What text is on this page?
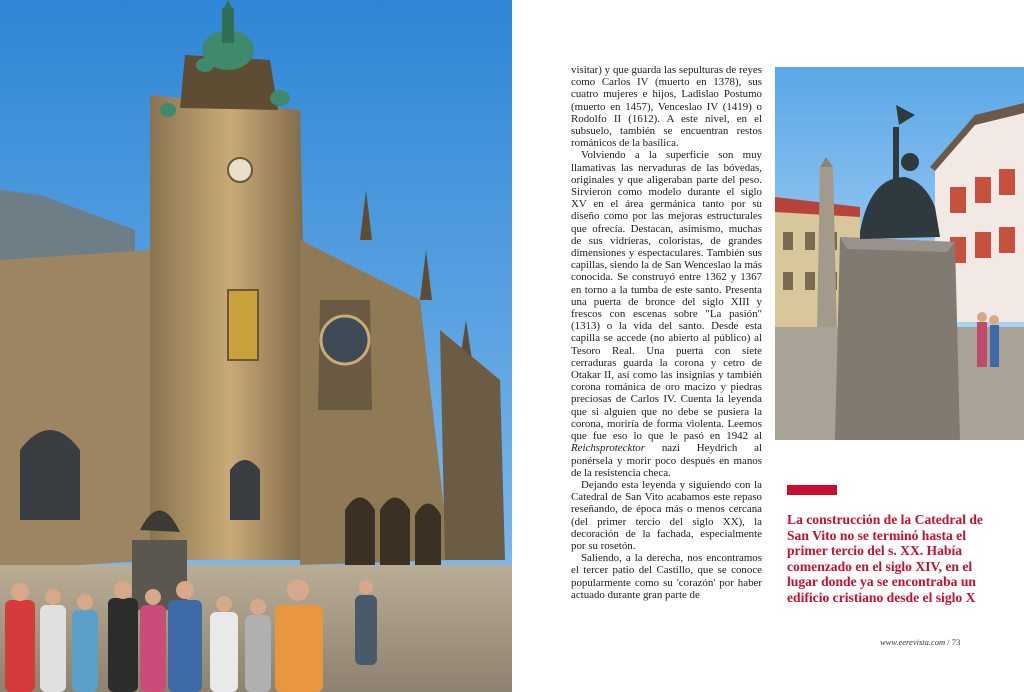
visitar) y que guarda las sepulturas de reyes como Carlos IV (muerto en 1378), sus cuatro mujeres e hijos, Ladislao Postumo (muerto en 1457), Venceslao IV (1419) o Rodolfo II (1612). A este nivel, en el subsuelo, también se encuentran restos románicos de la basílica.

Volviendo a la superficie son muy llamativas las nervaduras de las bóvedas, originales y que aligeraban parte del peso. Sirvieron como modelo durante el siglo XV en el área germánica tanto por su diseño como por las mejoras estructurales que ofrecía. Destacan, asimismo, muchas de sus vidrieras, coloristas, de grandes dimensiones y espectaculares. También sus capillas, siendo la de San Wenceslao la más conocida. Se construyó entre 1362 y 1367 en torno a la tumba de este santo. Presenta una puerta de bronce del siglo XIII y frescos con escenas sobre "La pasión" (1313) o la vida del santo. Desde esta capilla se accede (no abierto al público) al Tesoro Real. Una puerta con siete cerraduras guarda la corona y cetro de Otakar II, así como las insignias y también corona románica de oro macizo y piedras preciosas de Carlos IV. Cuenta la leyenda que si alguien que no debe se pusiera la corona, moriría de forma violenta. Leemos que fue eso lo que le pasó en 1942 al Reichsprotecktor nazi Heydrich al ponérsela y morir poco después en manos de la resistencia checa.

Dejando esta leyenda y siguiendo con la Catedral de San Vito acabamos este repaso reseñando, de época más o menos cercana (del primer tercio del siglo XX), la decoración de la fachada, especialmente por su rosetón.

Saliendo, a la derecha, nos encontramos el tercer patio del Castillo, que se conoce popularmente como su 'corazón' por haber actuado durante gran parte de

La construcción de la Catedral de San Vito no se terminó hasta el primer tercio del s. XX. Había comenzado en el siglo XIV, en el lugar donde ya se encontraba un edificio cristiano desde el siglo X
www.eerevista.com / 73
